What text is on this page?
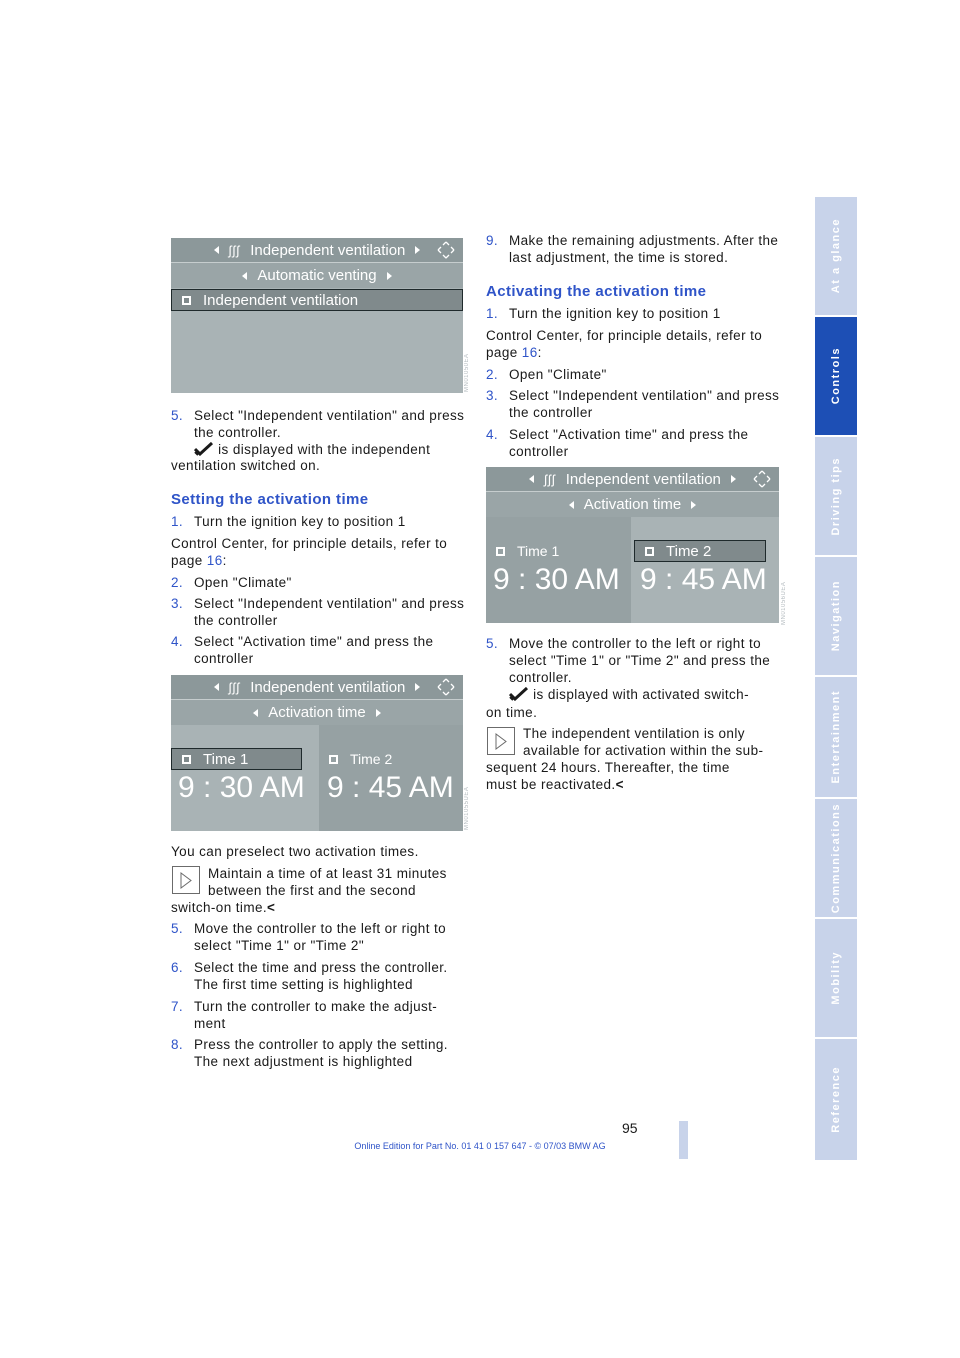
ʃʃʃ Independent ventilation
Automatic venting
Independent ventilation
MN01050EA
5. Select "Independent ventilation" and press the controller.

is displayed with the independent

ventilation switched on.

Setting the activation time
1. Turn the ignition key to position 1

Control Center, for principle details, refer to page 16:

2. Open "Climate"
3. Select "Independent ventilation" and press the controller
4. Select "Activation time" and press the controller
ʃʃʃ Independent ventilation
Activation time
Time 1
9 : 30 AM
Time 2
9 : 45 AM MN01055UEA

You can preselect two activation times.

Maintain a time of at least 31 minutes

between the first and the second

switch-on time.<

5. Move the controller to the left or right to select "Time 1" or "Time 2"
6. Select the time and press the controller. The first time setting is highlighted
7. Turn the controller to make the adjust-ment
8. Press the controller to apply the setting. The next adjustment is highlighted
9. Make the remaining adjustments. After the last adjustment, the time is stored.
Activating the activation time
1. Turn the ignition key to position 1

Control Center, for principle details, refer to page 16:

2. Open "Climate"
3. Select "Independent ventilation" and press the controller
4. Select "Activation time" and press the controller
ʃʃʃ Independent ventilation
Activation time
Time 1
9 : 30 AM
Time 2
9 : 45 AM
MN01056UEA
5. Move the controller to the left or right to select "Time 1" or "Time 2" and press the controller.

is displayed with activated switch-

on time.

The independent ventilation is only

available for activation within the sub-

sequent 24 hours. Thereafter, the time

must be reactivated.<

At a glance
Controls
Driving tips
Navigation
Entertainment
Communications
Mobility
Reference
95
Online Edition for Part No. 01 41 0 157 647 - © 07/03 BMW AG
